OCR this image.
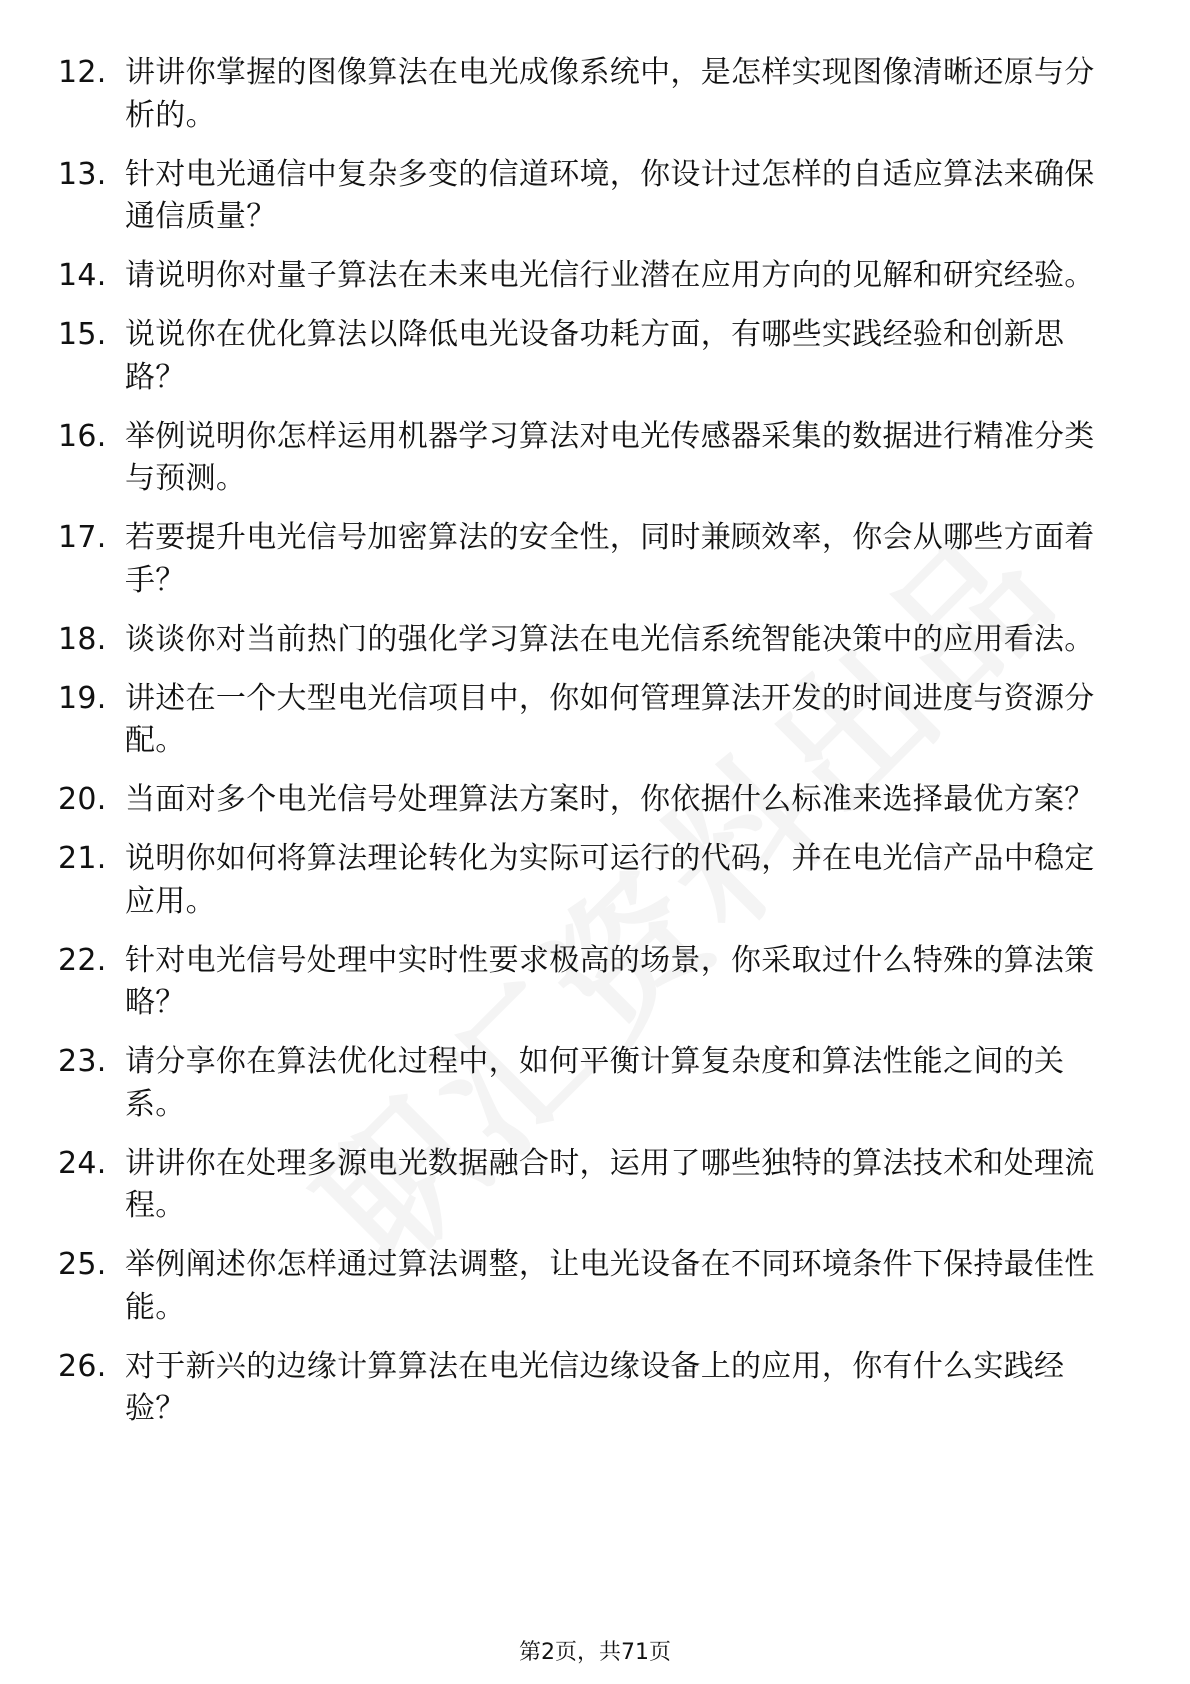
12. 讲讲你掌握的图像算法在电光成像系统中，是怎样实现图像清晰还原与分析的。
13. 针对电光通信中复杂多变的信道环境，你设计过怎样的自适应算法来确保通信质量？
14. 请说明你对量子算法在未来电光信行业潜在应用方向的见解和研究经验。
15. 说说你在优化算法以降低电光设备功耗方面，有哪些实践经验和创新思路？
16. 举例说明你怎样运用机器学习算法对电光传感器采集的数据进行精准分类与预测。
17. 若要提升电光信号加密算法的安全性，同时兼顾效率，你会从哪些方面着手？
18. 谈谈你对当前热门的强化学习算法在电光信系统智能决策中的应用看法。
19. 讲述在一个大型电光信项目中，你如何管理算法开发的时间进度与资源分配。
20. 当面对多个电光信号处理算法方案时，你依据什么标准来选择最优方案？
21. 说明你如何将算法理论转化为实际可运行的代码，并在电光信产品中稳定应用。
22. 针对电光信号处理中实时性要求极高的场景，你采取过什么特殊的算法策略？
23. 请分享你在算法优化过程中，如何平衡计算复杂度和算法性能之间的关系。
24. 讲讲你在处理多源电光数据融合时，运用了哪些独特的算法技术和处理流程。
25. 举例阐述你怎样通过算法调整，让电光设备在不同环境条件下保持最佳性能。
26. 对于新兴的边缘计算算法在电光信边缘设备上的应用，你有什么实践经验？
第2页，共71页
